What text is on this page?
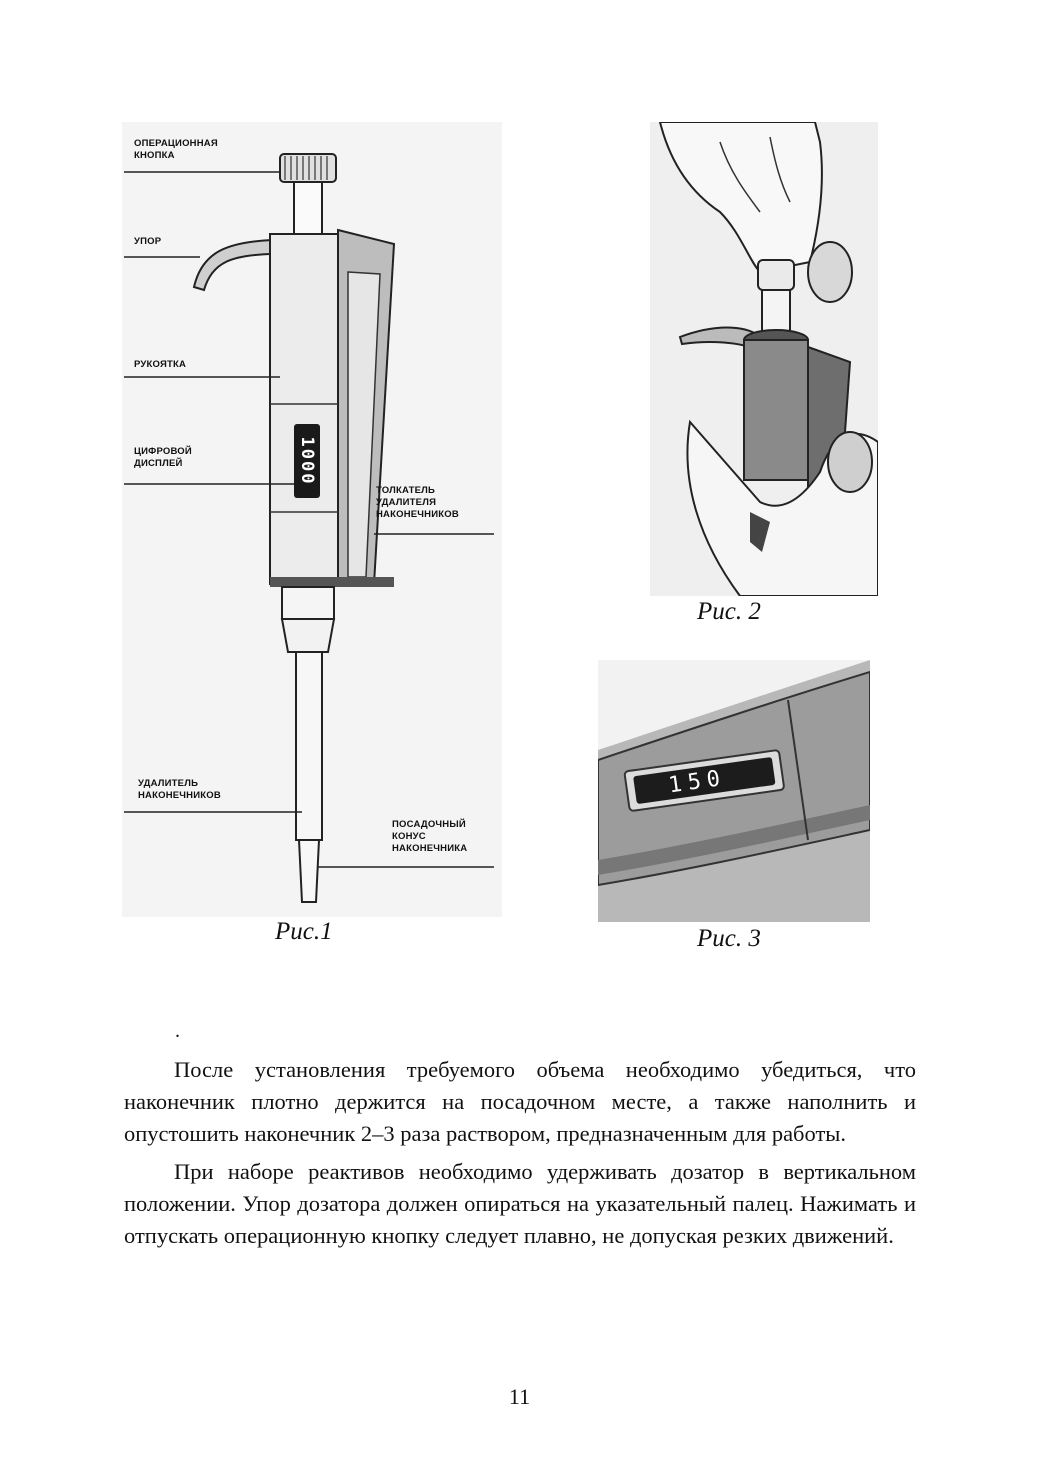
1000
ОПЕРАЦИОННАЯ
КНОПКА
УПОР
РУКОЯТКА
ЦИФРОВОЙ
ДИСПЛЕЙ
ТОЛКАТЕЛЬ
УДАЛИТЕЛЯ
НАКОНЕЧНИКОВ
УДАЛИТЕЛЬ
НАКОНЕЧНИКОВ
ПОСАДОЧНЫЙ
КОНУС
НАКОНЕЧНИКА
Рис.1
Рис. 2
150
Рис. 3
.

После установления требуемого объема необходимо убедиться, что наконечник плотно держится на посадочном месте, а также наполнить и опустошить наконечник 2–3 раза раствором, предназначенным для работы.

При наборе реактивов необходимо удерживать дозатор в вертикальном положении. Упор дозатора должен опираться на указательный палец. Нажимать и отпускать операционную кнопку следует плавно, не допуская резких движений.

11
